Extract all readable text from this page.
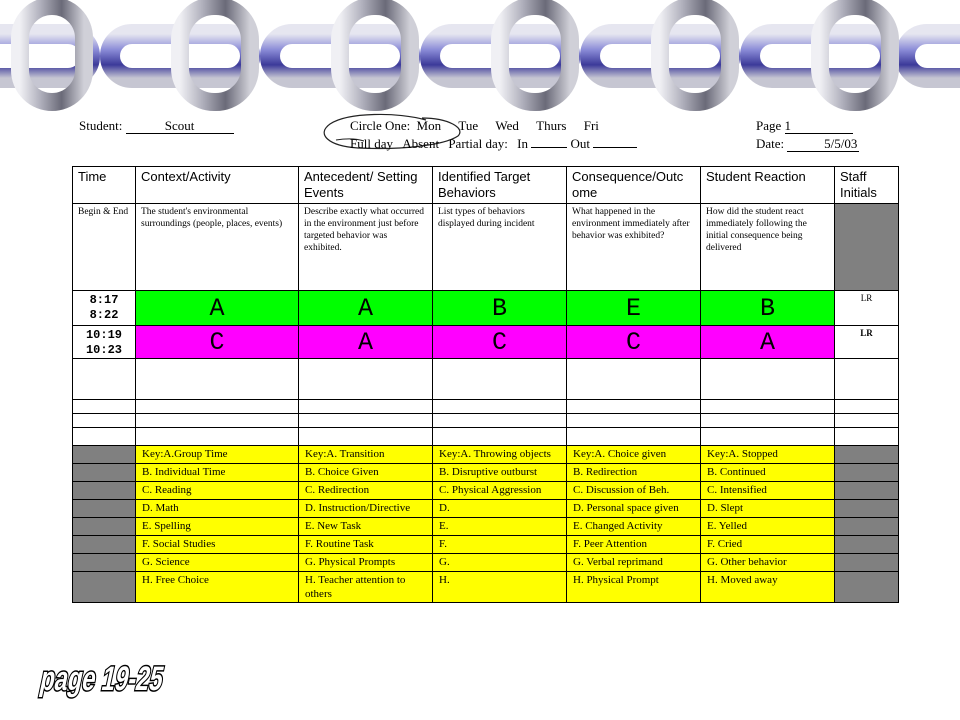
Student:	Scout	Circle One: Mon Tue Wed Thurs Fri
Full day Absent Partial day: In	Out
Page 1
Date:	5/5/03
Time	Context/Activity	Antecedent/ Setting Events	Identified Target Behaviors	Consequence/Outc ome	Student Reaction	Staff Initials
Begin & End	The student's environmental surroundings (people, places, events)	Describe exactly what occurred in the environment just before targeted behavior was exhibited.	List types of behaviors displayed during incident	What happened in the environment immediately after behavior was exhibited?	How did the student react immediately following the initial consequence being delivered	

8:17
8:22	A	A	B	E	B	LR

10:19
10:23	C	A	C	C	A	LR

	Key:A.Group Time	Key:A. Transition	Key:A. Throwing objects	Key:A. Choice given	Key:A. Stopped	
	B. Individual Time	B. Choice Given	B. Disruptive outburst	B. Redirection	B. Continued	
	C. Reading	C. Redirection	C. Physical Aggression	C. Discussion of Beh.	C. Intensified	
	D. Math	D. Instruction/Directive	D.	D. Personal space given	D. Slept	
	E. Spelling	E. New Task	E.	E. Changed Activity	E. Yelled	
	F. Social Studies	F. Routine Task	F.	F. Peer Attention	F. Cried	
	G. Science	G. Physical Prompts	G.	G. Verbal reprimand	G. Other behavior	
	H. Free Choice	H. Teacher attention to others	H.	H. Physical Prompt	H. Moved away	
page 19-25
